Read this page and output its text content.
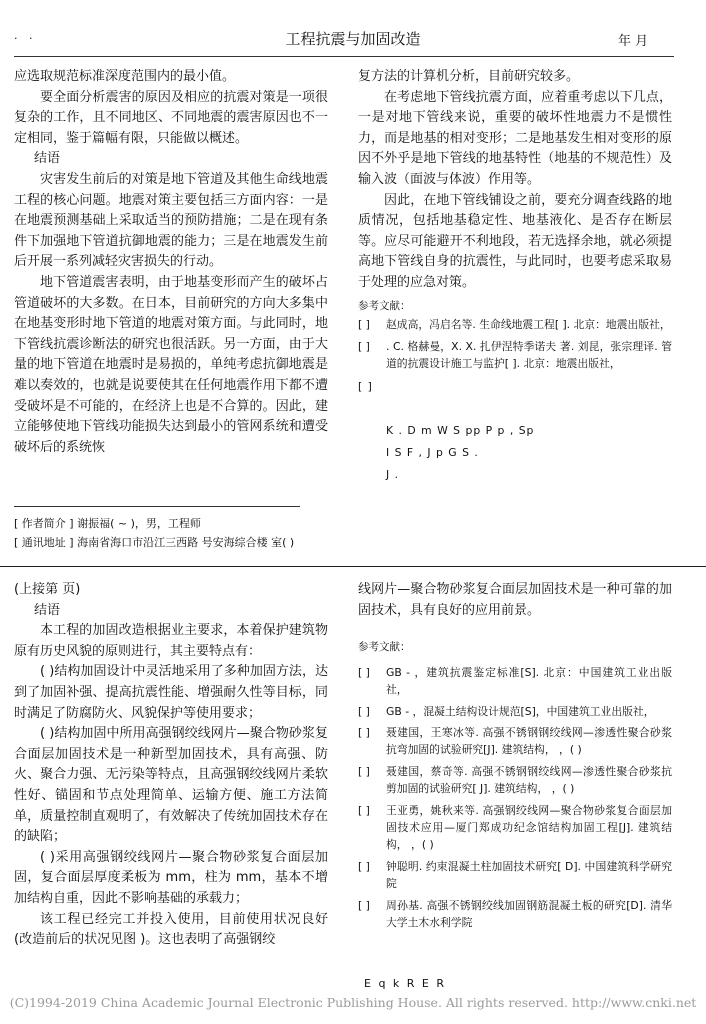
· ·	工程抗震与加固改造	年 月

应选取规范标准深度范围内的最小值。

要全面分析震害的原因及相应的抗震对策是一项很复杂的工作，且不同地区、不同地震的震害原因也不一定相同，鉴于篇幅有限，只能做以概述。

结语

灾害发生前后的对策是地下管道及其他生命线地震工程的核心问题。地震对策主要包括三方面内容：一是在地震预测基础上采取适当的预防措施；二是在现有条件下加强地下管道抗御地震的能力；三是在地震发生前后开展一系列减轻灾害损失的行动。

地下管道震害表明，由于地基变形而产生的破坏占管道破坏的大多数。在日本，目前研究的方向大多集中在地基变形时地下管道的地震对策方面。与此同时，地下管线抗震诊断法的研究也很活跃。另一方面，由于大量的地下管道在地震时是易损的，单纯考虑抗御地震是难以奏效的，也就是说要使其在任何地震作用下都不遭受破坏是不可能的，在经济上也是不合算的。因此，建立能够使地下管线功能损失达到最小的管网系统和遭受破坏后的系统恢

复方法的计算机分析，目前研究较多。

在考虑地下管线抗震方面，应着重考虑以下几点，一是对地下管线来说，重要的破坏性地震力不是惯性力，而是地基的相对变形；二是地基发生相对变形的原因不外乎是地下管线的地基特性（地基的不规范性）及输入波（面波与体波）作用等。

因此，在地下管线铺设之前，要充分调查线路的地质情况，包括地基稳定性、地基液化、是否存在断层等。应尽可能避开不利地段，若无选择余地，就必须提高地下管线自身的抗震性，与此同时，也要考虑采取易于处理的应急对策。

参考文献：

[ ] 赵成高，冯启名等. 生命线地震工程[ ]. 北京：地震出版社，
[ ] . C. 格赫曼，X. X. 扎伊涅特季诺夫 著. 刘昆，张宗理译. 管道的抗震设计施工与监护[ ]. 北京：地震出版社，

[ ]

K . D m W S pp P p , Sp
I S F , J p G S .
J .

[ 作者简介 ] 谢振福( ~ )，男，工程师
[ 通讯地址 ] 海南省海口市沿江三西路 号安海综合楼 室( )

(上接第 页)

结语

本工程的加固改造根据业主要求，本着保护建筑物原有历史风貌的原则进行，其主要特点有：

( )结构加固设计中灵活地采用了多种加固方法，达到了加固补强、提高抗震性能、增强耐久性等目标，同时满足了防腐防火、风貌保护等使用要求；

( )结构加固中所用高强钢绞线网片—聚合物砂浆复合面层加固技术是一种新型加固技术，具有高强、防火、聚合力强、无污染等特点，且高强钢绞线网片柔软性好、锚固和节点处理简单、运输方便、施工方法简单，质量控制直观明了，有效解决了传统加固技术存在的缺陷；

( )采用高强钢绞线网片—聚合物砂浆复合面层加固，复合面层厚度柔板为 mm，柱为 mm，基本不增加结构自重，因此不影响基础的承载力；

该工程已经完工并投入使用，目前使用状况良好(改造前后的状况见图 )。这也表明了高强钢绞

线网片—聚合物砂浆复合面层加固技术是一种可靠的加固技术，具有良好的应用前景。

参考文献：

[ ] GB - ，建筑抗震鉴定标准[S]. 北京：中国建筑工业出版社，
[ ] GB - ，混凝土结构设计规范[S]，中国建筑工业出版社，
[ ] 聂建国，王寒冰等. 高强不锈钢钢绞线网—渗透性聚合砂浆抗弯加固的试验研究[J]. 建筑结构， ，( )
[ ] 聂建国，蔡奇等. 高强不锈钢钢绞线网—渗透性聚合砂浆抗剪加固的试验研究[ J]. 建筑结构， ，( )
[ ] 王亚勇，姚秋来等. 高强钢绞线网—聚合物砂浆复合面层加固技术应用—厦门郑成功纪念馆结构加固工程[J]. 建筑结构， ，( )
[ ] 钟聪明. 约束混凝土柱加固技术研究[ D]. 中国建筑科学研究院
[ ] 周孙基. 高强不锈钢绞线加固钢筋混凝土板的研究[D]. 清华大学土木水利学院
E q k R E R
(C)1994-2019 China Academic Journal Electronic Publishing House. All rights reserved. http://www.cnki.net
